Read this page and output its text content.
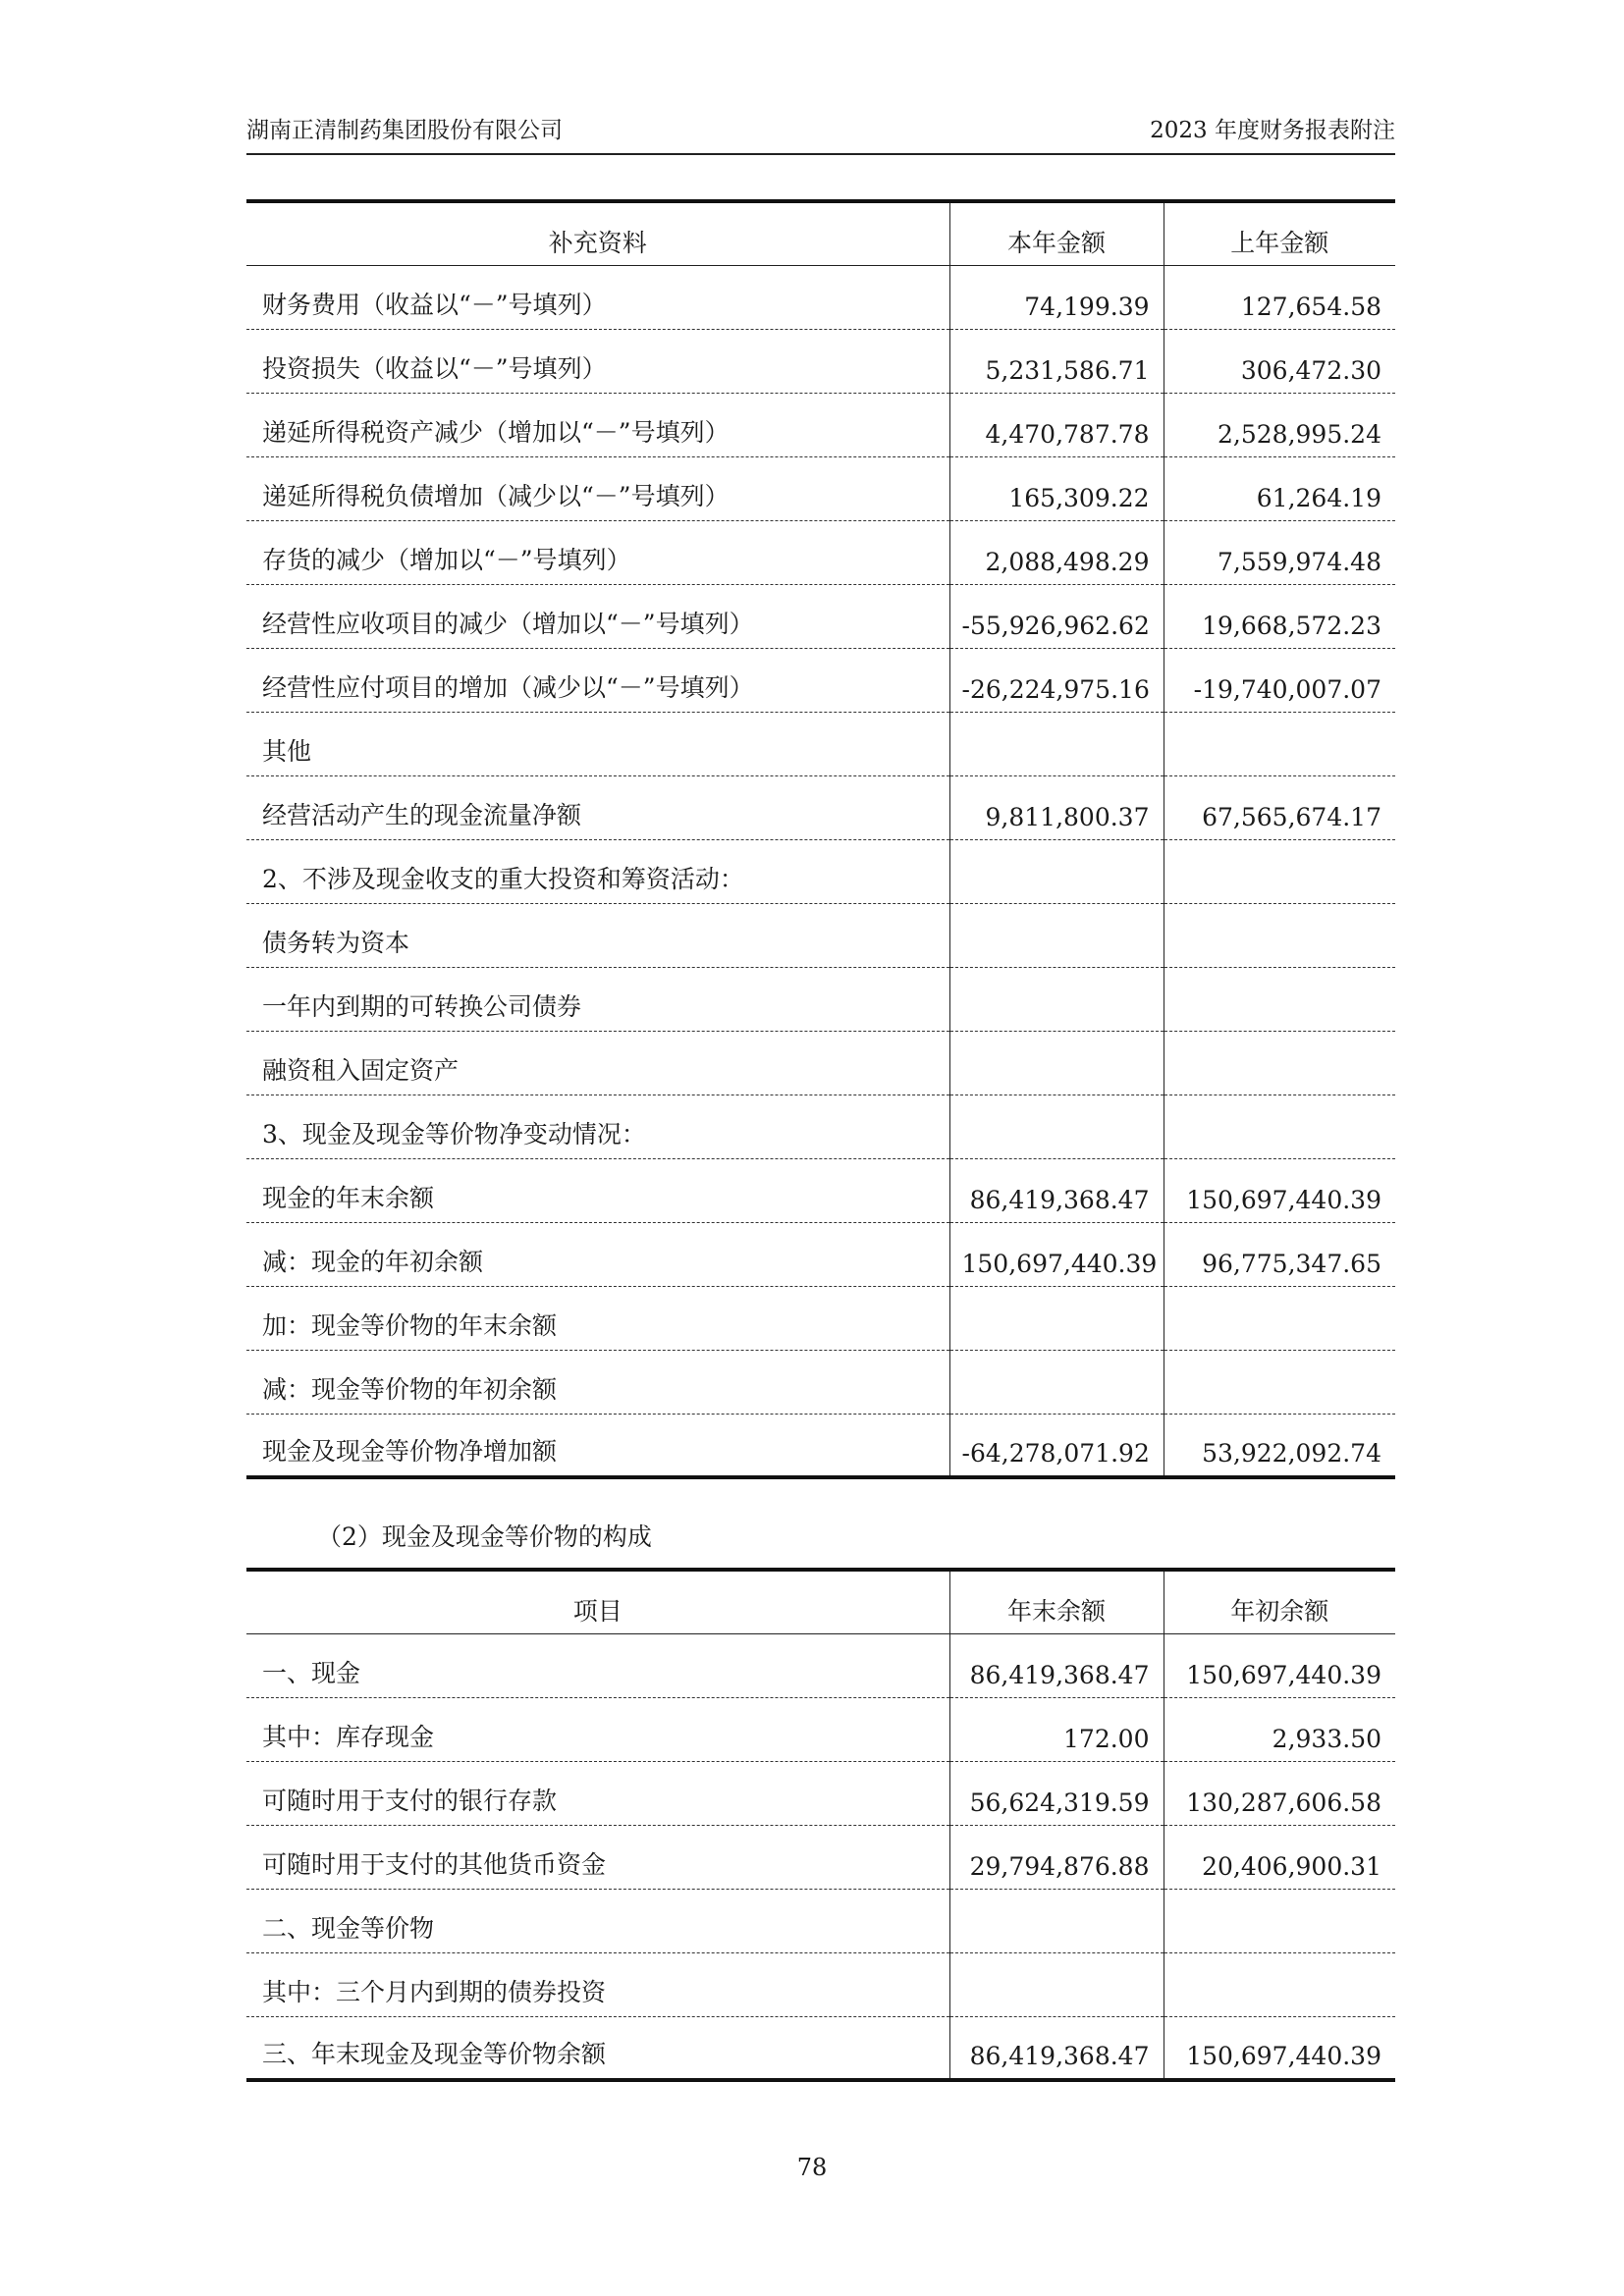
湖南正清制药集团股份有限公司	2023 年度财务报表附注
补充资料	本年金额	上年金额
财务费用（收益以“－”号填列）	74,199.39	127,654.58
投资损失（收益以“－”号填列）	5,231,586.71	306,472.30
递延所得税资产减少（增加以“－”号填列）	4,470,787.78	2,528,995.24
递延所得税负债增加（减少以“－”号填列）	165,309.22	61,264.19
存货的减少（增加以“－”号填列）	2,088,498.29	7,559,974.48
经营性应收项目的减少（增加以“－”号填列）	-55,926,962.62	19,668,572.23
经营性应付项目的增加（减少以“－”号填列）	-26,224,975.16	-19,740,007.07
其他		
经营活动产生的现金流量净额	9,811,800.37	67,565,674.17
2、不涉及现金收支的重大投资和筹资活动：		
债务转为资本		
一年内到期的可转换公司债券		
融资租入固定资产		
3、现金及现金等价物净变动情况：		
现金的年末余额	86,419,368.47	150,697,440.39
减：现金的年初余额	150,697,440.39	96,775,347.65
加：现金等价物的年末余额		
减：现金等价物的年初余额		
现金及现金等价物净增加额	-64,278,071.92	53,922,092.74
（2）现金及现金等价物的构成
项目	年末余额	年初余额
一、现金	86,419,368.47	150,697,440.39
其中：库存现金	172.00	2,933.50
可随时用于支付的银行存款	56,624,319.59	130,287,606.58
可随时用于支付的其他货币资金	29,794,876.88	20,406,900.31
二、现金等价物		
其中：三个月内到期的债券投资		
三、年末现金及现金等价物余额	86,419,368.47	150,697,440.39
78
